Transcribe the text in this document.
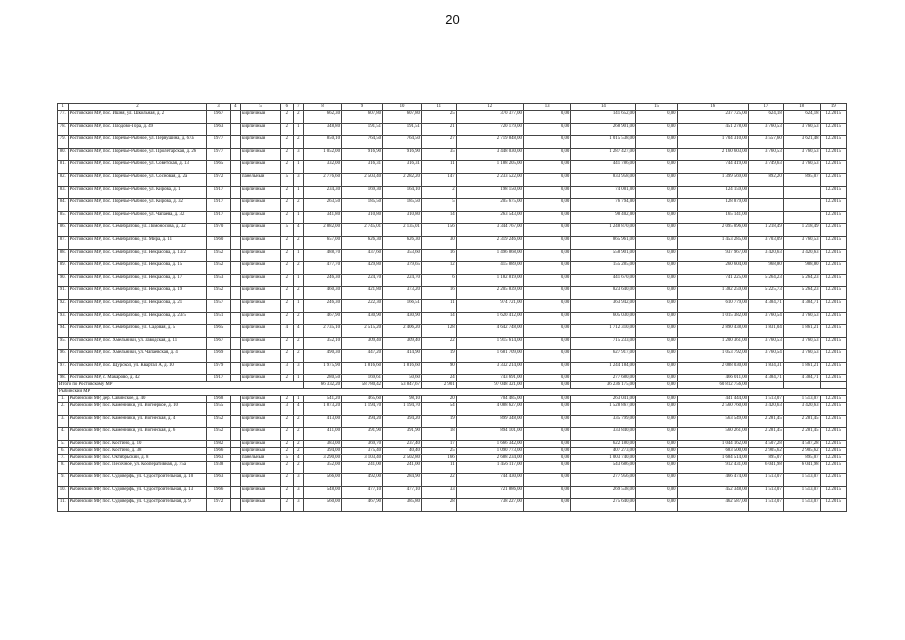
20
1	2	3	4	5	6	7	8	9	10	11	12	13	14	15	16	17	18	19
77.	Ростовский МР, пос. Ишня, ул. Школьная, д. 2	1967		кирпичный	2	2	662,30	607,80	607,80	25	370 377,00	0,00	141 652,00	0,00	237 725,00	624,18	624,18	12.2015
78.	Ростовский МР, пос. Плодово-Гора, д. 49	1963		кирпичный	2	1	348,80	191,51	191,51	21	720 179,00	0,00	268 901,00	0,00	451 278,00	3 760,53	3 760,53	12.2015
79.	Ростовский МР, пос. Поречье-Рыбное, ул. Первушина, д. 67а	1977		кирпичный	2	2	850,10	764,50	764,50	27	2 719 848,00	0,00	1 015 538,00	0,00	1 704 310,00	3 557,60	3 621,48	12.2015
80.	Ростовский МР, пос. Поречье-Рыбное, ул. Пролетарская, д. 26	1977		кирпичный	2	3	1 052,00	916,90	916,90	35	3 448 030,00	0,00	1 287 427,00	0,00	2 160 603,00	3 760,53	3 760,53	12.2015
81.	Ростовский МР, пос. Поречье-Рыбное, ул. Советская, д. 13	1965		кирпичный	2	1	332,00	316,31	316,31	11	1 188 205,00	0,00	441 786,00	0,00	744 419,00	3 749,63	3 760,53	12.2015
82.	Ростовский МР, пос. Поречье-Рыбное, ул. Сосновая, д. 2а	1972		панельный	5	3	2 776,60	2 503,40	2 282,20	147	2 233 522,00	0,00	833 958,00	0,00	1 399 569,00	892,20	895,07	12.2015
83.	Ростовский МР, пос. Поречье-Рыбное, ул. Кирова, д. 1	1917		кирпичный	2	1	234,30	169,30	164,10	2	198 150,00	0,00	74 001,00	0,00	124 159,00			12.2015
84.	Ростовский МР, пос. Поречье-Рыбное, ул. Кирова, д. 32	1917		кирпичный	2	2	263,50	185,50	185,50	5	205 675,00	0,00	76 794,00	0,00	128 879,00			12.2015
85.	Ростовский МР, пос. Поречье-Рыбное, ул. Чапаева, д. 32	1917		кирпичный	2	1	341,80	310,80	310,80	14	263 543,00	0,00	98 402,00	0,00	165 141,00			12.2015
86.	Ростовский МР, пос. Семибратово, ул. Ломоносова, д. 32	1970		кирпичный	5	4	2 882,00	2 745,01	2 135,01	156	3 344 767,00	0,00	1 248 870,00	0,00	2 095 896,00	1 218,49	1 218,49	12.2015
87.	Ростовский МР, пос. Семибратово, ул. Мира, д. 11	1960		кирпичный	2	2	657,00	626,30	626,30	30	2 319 246,00	0,00	865 961,00	0,00	1 453 285,00	3 703,09	3 760,53	12.2015
88.	Ростовский МР, пос. Семибратово, ул. Некрасова, д. 13/2	1952		кирпичный	2	1	488,70	437,60	353,60	16	1 496 868,00	0,00	558 901,00	0,00	937 967,00	3 420,63	3 420,63	12.2015
89.	Ростовский МР, пос. Семибратово, ул. Некрасова, д. 15	1952		кирпичный	2	2	477,70	429,80	379,65	12	415 889,00	0,00	155 285,00	0,00	260 604,00	968,80	988,80	12.2015
90.	Ростовский МР, пос. Семибратово, ул. Некрасова, д. 17	1953		кирпичный	2	1	246,30	224,70	224,70	6	1 182 819,00	0,00	441 670,00	0,00	741 225,00	5 264,23	5 264,23	12.2015
91.	Ростовский МР, пос. Семибратово, ул. Некрасова, д. 19	1952		кирпичный	2	2	460,30	421,80	373,20	16	2 205 839,00	0,00	823 640,00	0,00	1 382 259,00	5 225,73	5 264,23	12.2015
92.	Ростовский МР, пос. Семибратово, ул. Некрасова, д. 21	1957		кирпичный	2	1	246,30	222,30	166,51	11	974 721,00	0,00	363 942,00	0,00	610 779,00	4 384,71	4 384,71	12.2015
93.	Ростовский МР, пос. Семибратово, ул. Некрасова, д. 23/5	1951		кирпичный	2	2	467,90	430,90	430,90	14	1 620 412,00	0,00	605 030,00	0,00	1 015 382,00	3 760,54	3 760,53	12.2015
94.	Ростовский МР, пос. Семибратово, ул. Садовая, д. 5	1965		кирпичный	4	4	2 735,10	2 515,20	2 406,20	128	4 642 748,00	0,00	1 712 310,00	0,00	2 890 438,00	1 831,04	1 861,21	12.2015
95.	Ростовский МР, пос. Хмельники, ул. Заводская, д. 11	1967		кирпичный	2	2	352,10	309,40	309,40	22	1 915 614,00	0,00	715 233,00	0,00	1 200 361,00	3 760,53	3 760,53	12.2015
96.	Ростовский МР, пос. Хмельники, ул. Чапаевская, д. 4	1969		кирпичный	2	2	490,30	447,20	414,90	19	1 681 709,00	0,00	627 917,00	0,00	1 053 792,00	3 760,54	3 760,53	12.2015
97.	Ростовский МР, пос. Щурскол, ул. Квартал А, д. 10	1979		кирпичный	3	3	1 975,90	1 816,60	1 816,60	90	3 332 214,00	0,00	1 244 184,00	0,00	2 088 030,00	1 834,31	1 861,21	12.2015
98.	Ростовский МР, с. Макарово, д. 42	1917		кирпичный	2	1	280,50	169,61	50,60	24	743 691,00	0,00	277 680,00	0,00	466 011,00	4 384,71	4 384,71	12.2015
Итого по Ростовскому МР							66 332,20	58 780,42	53 847,67	2 901	97 048 321,00	0,00	36 236 175,00	0,00	60 812 756,00			
Рыбинский МР																		
1.	Рыбинский МР, дер. Савинское, д. 40	1968		кирпичный	2	1	541,20	465,60	98,10	20	704 485,00	0,00	263 041,00	0,00	441 444,00	1 513,07	1 513,07	12.2015
2.	Рыбинский МР, пос. Каменники, ул. Вогнеркое, д. 10	1955		кирпичный	3	4	1 873,20	1 194,70	1 194,70	54	4 088 627,00	0,00	1 528 867,00	0,00	2 560 760,00	3 420,63	3 420,63	12.2015
3.	Рыбинский МР, пос. Каменники, ул. Вогнеская, д. 4	1952		кирпичный	2	2	413,00	394,20	394,20	19	899 348,00	0,00	335 799,00	0,00	563 549,00	2 281,45	2 281,45	12.2015
4.	Рыбинский МР, пос. Каменники, ул. Вогнеская, д. 6	1952		кирпичный	2	2	411,00	391,90	391,90	18	894 101,00	0,00	333 840,00	0,00	560 261,00	2 281,45	2 281,45	12.2015
5.	Рыбинский МР, пос. Костино, д. 10	1982		кирпичный	2	2	383,00	369,70	237,40	17	1 666 342,00	0,00	622 180,00	0,00	1 044 162,00	4 507,28	4 507,28	12.2015
6.	Рыбинский МР, пос. Костино, д. 38	1966		кирпичный	2	2	394,00	375,40	40,40	25	1 090 773,00	0,00	407 273,00	0,00	683 500,00	2 905,62	2 905,62	12.2015
7.	Рыбинский МР, пос. Октябрьский, д. 8	1963		панельный	5	4	3 290,00	3 103,40	2 502,80	166	2 688 234,00	0,00	1 003 740,00	0,00	1 684 514,00	895,07	895,07	12.2015
8.	Рыбинский МР, пос. Песочное, ул. Кооперативная, д. 75а	1938		кирпичный	2	2	352,00	241,00	241,00	11	1 456 117,00	0,00	543 686,00	0,00	912 431,00	6 041,98	6 041,98	12.2015
9.	Рыбинский МР, пос. Судоверфь, ул. Судостроительная, д. 10	1963		кирпичный	2	3	566,00	492,00	284,90	22	744 430,00	0,00	277 956,00	0,00	466 474,00	1 513,07	1 513,07	12.2015
10.	Рыбинский МР, пос. Судоверфь, ул. Судостроительная, д. 13	1966		кирпичный	2	3	548,00	477,10	477,10	33	721 886,00	0,00	269 538,00	0,00	452 348,00	1 513,07	1 513,07	12.2015
11.	Рыбинский МР, пос. Судоверфь, ул. Судостроительная, д. 9	1972		кирпичный	2	3	560,00	467,90	385,80	28	738 227,00	0,00	275 640,00	0,00	462 587,00	1 513,07	1 513,07	12.2015
